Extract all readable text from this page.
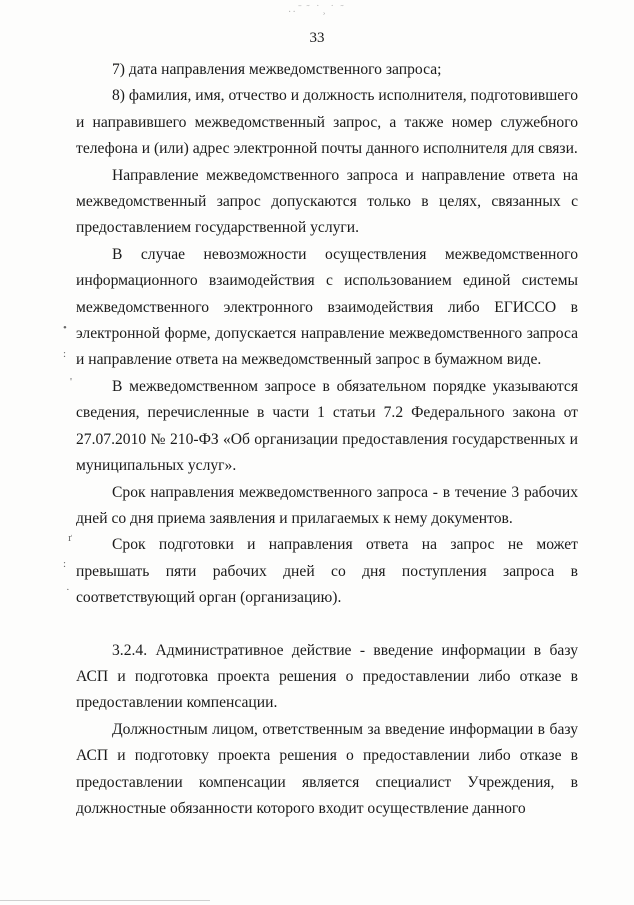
.. ̄ ˜ ˙ ̧ ˙ ˜
33
•
:
'
ґ
:
·

7) дата направления межведомственного запроса;

8) фамилия, имя, отчество и должность исполнителя, подготовившего и направившего межведомственный запрос, а также номер служебного телефона и (или) адрес электронной почты данного исполнителя для связи.

Направление межведомственного запроса и направление ответа на межведомственный запрос допускаются только в целях, связанных с предоставлением государственной услуги.

В случае невозможности осуществления межведомственного информационного взаимодействия с использованием единой системы межведомственного электронного взаимодействия либо ЕГИССО в электронной форме, допускается направление межведомственного запроса и направление ответа на межведомственный запрос в бумажном виде.

В межведомственном запросе в обязательном порядке указываются сведения, перечисленные в части 1 статьи 7.2 Федерального закона от 27.07.2010 № 210-ФЗ «Об организации предоставления государственных и муниципальных услуг».

Срок направления межведомственного запроса - в течение 3 рабочих дней со дня приема заявления и прилагаемых к нему документов.

Срок подготовки и направления ответа на запрос не может превышать пяти рабочих дней со дня поступления запроса в соответствующий орган (организацию).

3.2.4. Административное действие - введение информации в базу АСП и подготовка проекта решения о предоставлении либо отказе в предоставлении компенсации.

Должностным лицом, ответственным за введение информации в базу АСП и подготовку проекта решения о предоставлении либо отказе в предоставлении компенсации является специалист Учреждения, в должностные обязанности которого входит осуществление данного
